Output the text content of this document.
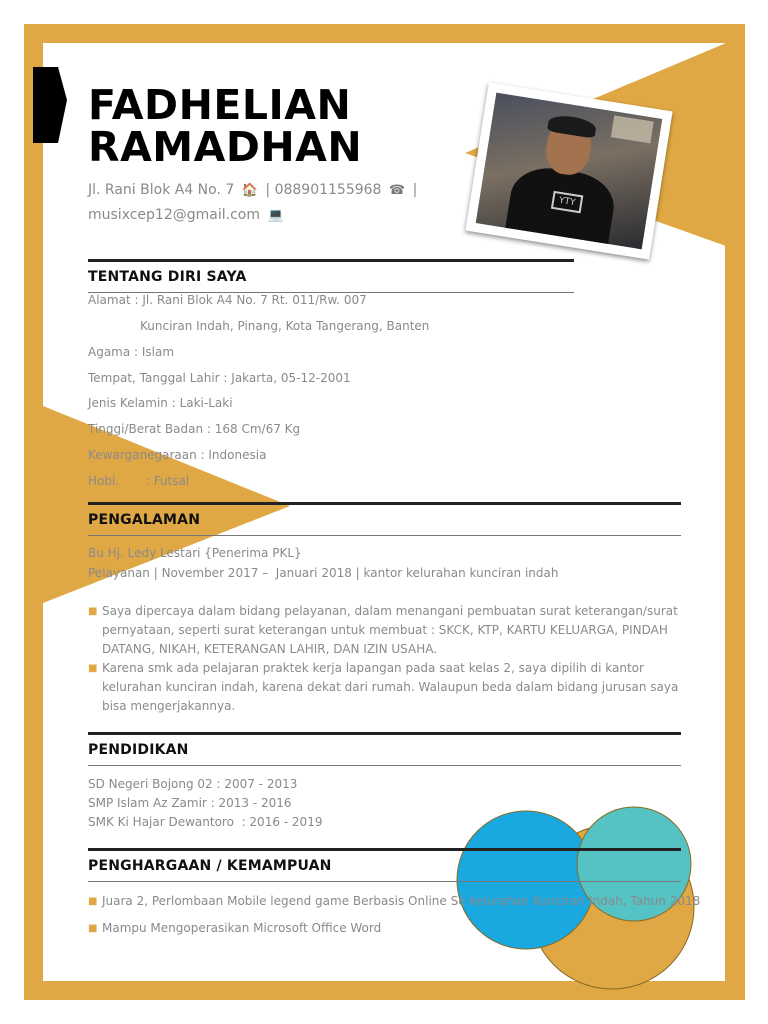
YTY
FADHELIAN
RAMADHAN
Jl. Rani Blok A4 No. 7 🏠 | 088901155968 ☎ |
musixcep12@gmail.com 💻
TENTANG DIRI SAYA
Alamat : Jl. Rani Blok A4 No. 7 Rt. 011/Rw. 007
Kunciran Indah, Pinang, Kota Tangerang, Banten
Agama : Islam
Tempat, Tanggal Lahir : Jakarta, 05-12-2001
Jenis Kelamin : Laki-Laki
Tinggi/Berat Badan : 168 Cm/67 Kg
Kewarganegaraan : Indonesia
Hobi.       : Futsal
PENGALAMAN
Bu Hj. Ledy Lestari {Penerima PKL}
Pelayanan | November 2017 –  Januari 2018 | kantor kelurahan kunciran indah
■ Saya dipercaya dalam bidang pelayanan, dalam menangani pembuatan surat keterangan/surat pernyataan, seperti surat keterangan untuk membuat : SKCK, KTP, KARTU KELUARGA, PINDAH DATANG, NIKAH, KETERANGAN LAHIR, DAN IZIN USAHA.
■ Karena smk ada pelajaran praktek kerja lapangan pada saat kelas 2, saya dipilih di kantor kelurahan kunciran indah, karena dekat dari rumah. Walaupun beda dalam bidang jurusan saya bisa mengerjakannya.
PENDIDIKAN
SD Negeri Bojong 02 : 2007 - 2013
SMP Islam Az Zamir : 2013 - 2016
SMK Ki Hajar Dewantoro  : 2016 - 2019
PENGHARGAAN / KEMAMPUAN
■ Juara 2, Perlombaan Mobile legend game Berbasis Online Se kelurahan Kunciran Indah, Tahun 2018
■ Mampu Mengoperasikan Microsoft Office Word
